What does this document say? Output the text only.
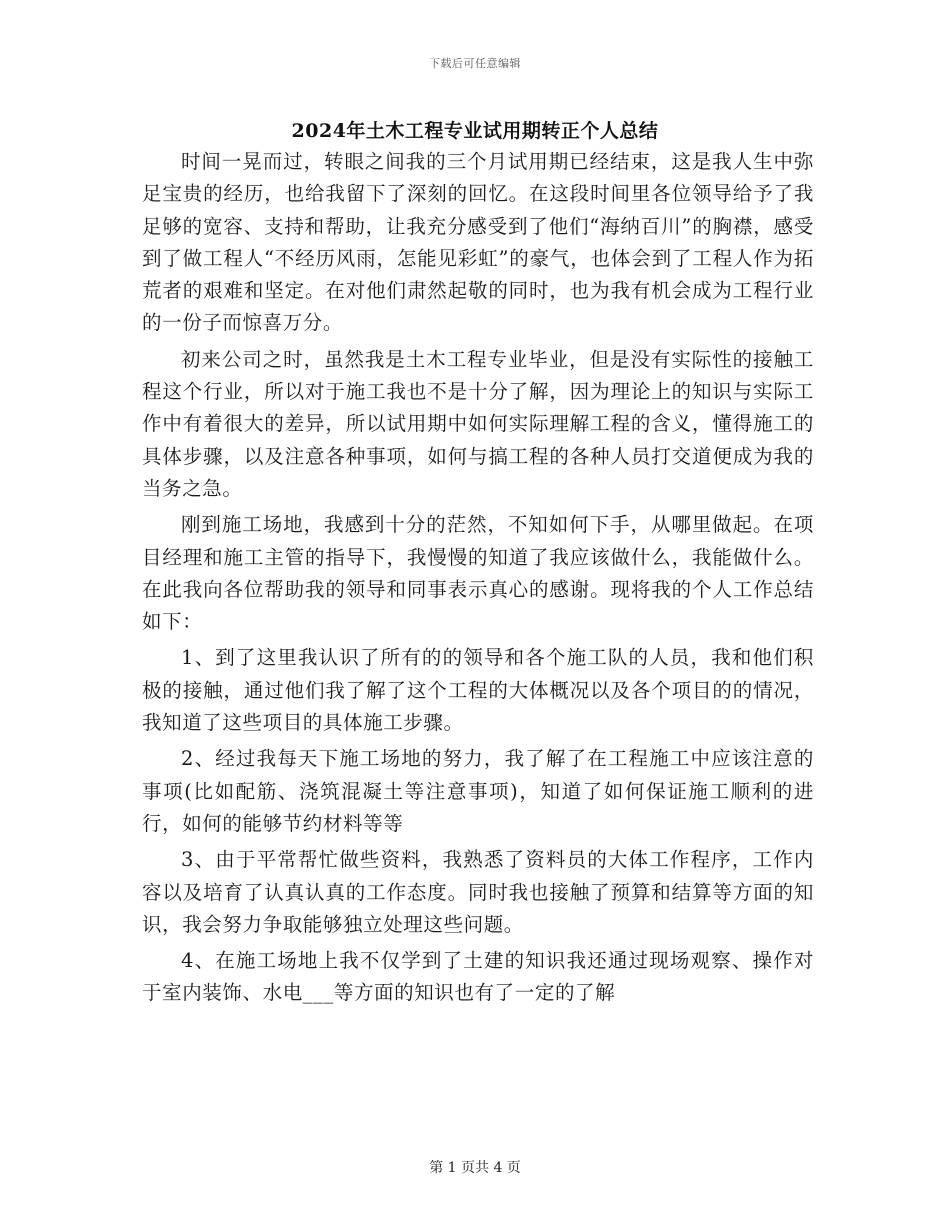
下载后可任意编辑
2024年土木工程专业试用期转正个人总结

时间一晃而过，转眼之间我的三个月试用期已经结束，这是我人生中弥足宝贵的经历，也给我留下了深刻的回忆。在这段时间里各位领导给予了我足够的宽容、支持和帮助，让我充分感受到了他们“海纳百川”的胸襟，感受到了做工程人“不经历风雨，怎能见彩虹”的豪气，也体会到了工程人作为拓荒者的艰难和坚定。在对他们肃然起敬的同时，也为我有机会成为工程行业的一份子而惊喜万分。

初来公司之时，虽然我是土木工程专业毕业，但是没有实际性的接触工程这个行业，所以对于施工我也不是十分了解，因为理论上的知识与实际工作中有着很大的差异，所以试用期中如何实际理解工程的含义，懂得施工的具体步骤，以及注意各种事项，如何与搞工程的各种人员打交道便成为我的当务之急。

刚到施工场地，我感到十分的茫然，不知如何下手，从哪里做起。在项目经理和施工主管的指导下，我慢慢的知道了我应该做什么，我能做什么。在此我向各位帮助我的领导和同事表示真心的感谢。现将我的个人工作总结如下：

1、到了这里我认识了所有的的领导和各个施工队的人员，我和他们积极的接触，通过他们我了解了这个工程的大体概况以及各个项目的的情况，我知道了这些项目的具体施工步骤。

2、经过我每天下施工场地的努力，我了解了在工程施工中应该注意的事项(比如配筋、浇筑混凝土等注意事项)，知道了如何保证施工顺利的进行，如何的能够节约材料等等

3、由于平常帮忙做些资料，我熟悉了资料员的大体工作程序，工作内容以及培育了认真认真的工作态度。同时我也接触了预算和结算等方面的知识，我会努力争取能够独立处理这些问题。

4、在施工场地上我不仅学到了土建的知识我还通过现场观察、操作对于室内装饰、水电___等方面的知识也有了一定的了解

第 1 页共 4 页
